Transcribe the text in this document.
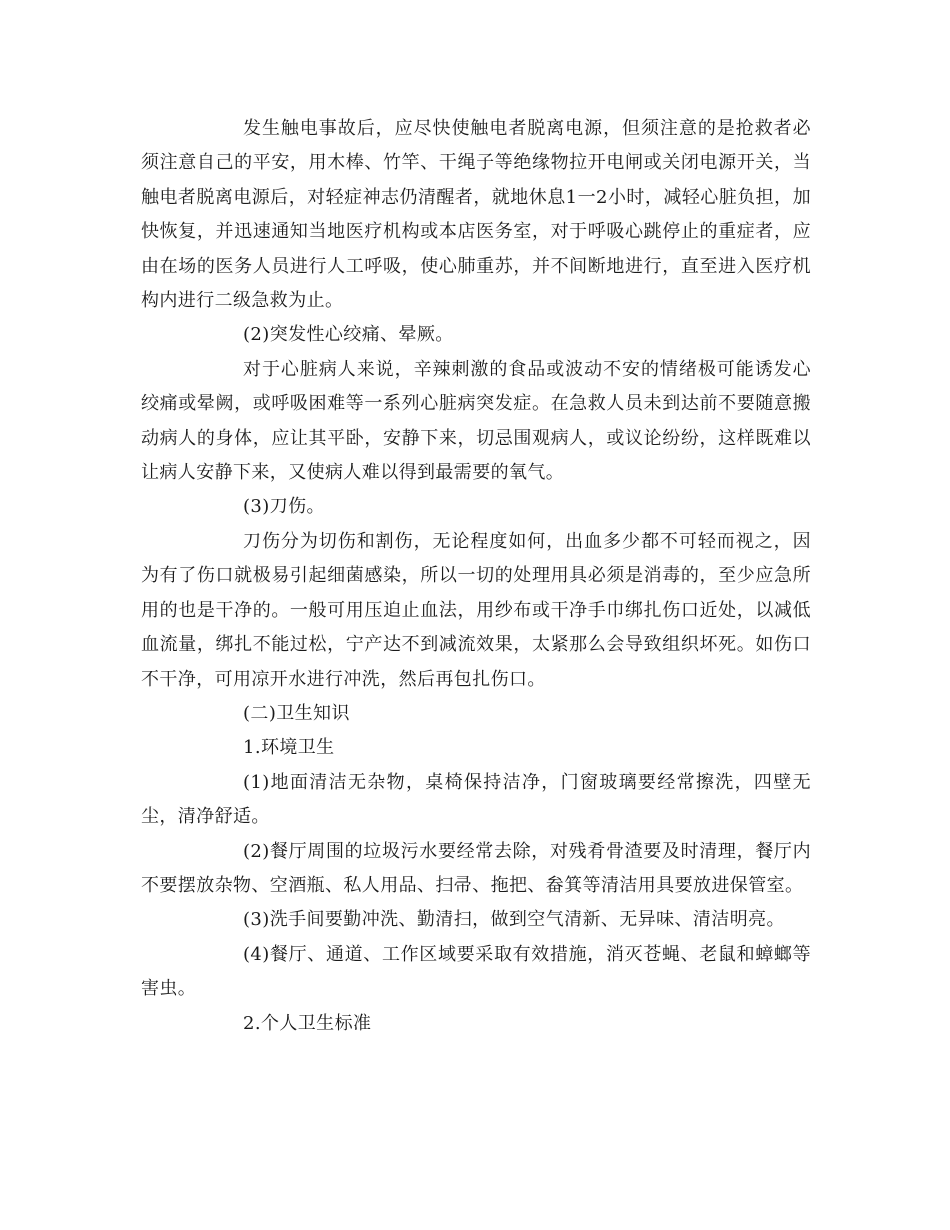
发生触电事故后，应尽快使触电者脱离电源，但须注意的是抢救者必须注意自己的平安，用木棒、竹竿、干绳子等绝缘物拉开电闸或关闭电源开关，当触电者脱离电源后，对轻症神志仍清醒者，就地休息1一2小时，减轻心脏负担，加快恢复，并迅速通知当地医疗机构或本店医务室，对于呼吸心跳停止的重症者，应由在场的医务人员进行人工呼吸，使心肺重苏，并不间断地进行，直至进入医疗机构内进行二级急救为止。

(2)突发性心绞痛、晕厥。

对于心脏病人来说，辛辣刺激的食品或波动不安的情绪极可能诱发心绞痛或晕阙，或呼吸困难等一系列心脏病突发症。在急救人员未到达前不要随意搬动病人的身体，应让其平卧，安静下来，切忌围观病人，或议论纷纷，这样既难以让病人安静下来，又使病人难以得到最需要的氧气。

(3)刀伤。

刀伤分为切伤和割伤，无论程度如何，出血多少都不可轻而视之，因为有了伤口就极易引起细菌感染，所以一切的处理用具必须是消毒的，至少应急所用的也是干净的。一般可用压迫止血法，用纱布或干净手巾绑扎伤口近处，以减低血流量，绑扎不能过松，宁产达不到减流效果，太紧那么会导致组织坏死。如伤口不干净，可用凉开水进行冲洗，然后再包扎伤口。

(二)卫生知识

1.环境卫生

(1)地面清洁无杂物，桌椅保持洁净，门窗玻璃要经常擦洗，四壁无尘，清净舒适。

(2)餐厅周围的垃圾污水要经常去除，对残肴骨渣要及时清理，餐厅内不要摆放杂物、空酒瓶、私人用品、扫帚、拖把、畚箕等清洁用具要放进保管室。

(3)洗手间要勤冲洗、勤清扫，做到空气清新、无异味、清洁明亮。

(4)餐厅、通道、工作区域要采取有效措施，消灭苍蝇、老鼠和蟑螂等害虫。

2.个人卫生标准
